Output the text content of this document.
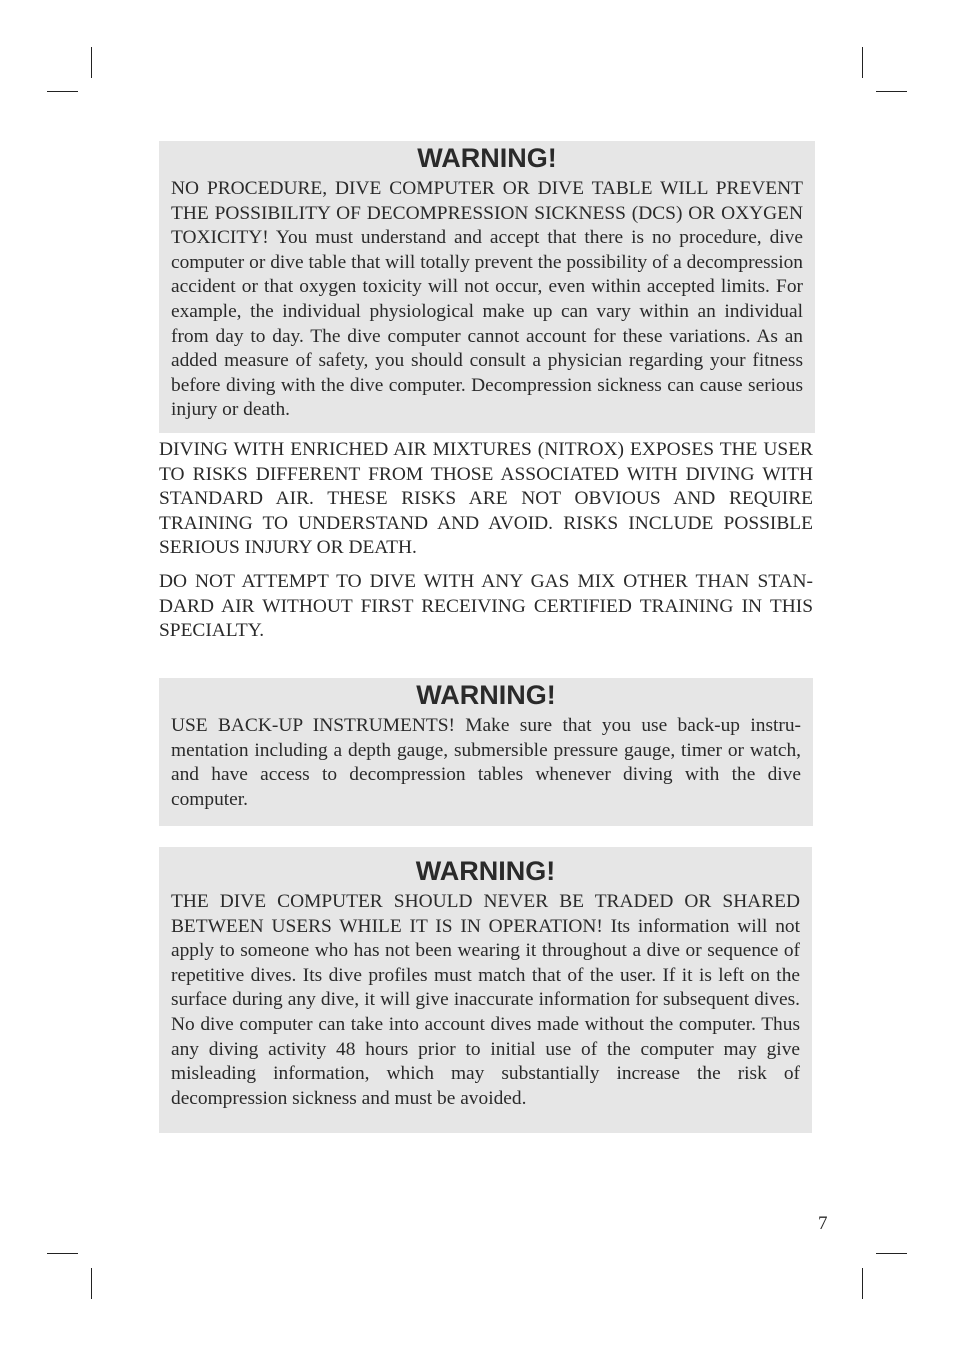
WARNING!
NO PROCEDURE, DIVE COMPUTER OR DIVE TABLE WILL PREVENT THE POSSIBILITY OF DECOMPRESSION SICKNESS (DCS) OR OXYGEN TOXICITY! You must understand and accept that there is no procedure, dive computer or dive table that will totally prevent the possibility of a decompression accident or that oxygen toxicity will not occur, even within accepted limits. For example, the individual physiological make up can vary within an individual from day to day. The dive computer cannot account for these variations. As an added measure of safety, you should consult a physician regarding your fitness before diving with the dive computer. Decompression sickness can cause serious injury or death.
DIVING WITH ENRICHED AIR MIXTURES (NITROX) EXPOSES THE USER TO RISKS DIFFERENT FROM THOSE ASSOCIATED WITH DIVING WITH STANDARD AIR. THESE RISKS ARE NOT OBVIOUS AND REQUIRE TRAINING TO UNDERSTAND AND AVOID. RISKS INCLUDE POSSIBLE SERIOUS INJURY OR DEATH.
DO NOT ATTEMPT TO DIVE WITH ANY GAS MIX OTHER THAN STANDARD AIR WITHOUT FIRST RECEIVING CERTIFIED TRAINING IN THIS SPECIALTY.
WARNING!
USE BACK-UP INSTRUMENTS! Make sure that you use back-up instrumentation including a depth gauge, submersible pressure gauge, timer or watch, and have access to decompression tables whenever diving with the dive computer.
WARNING!
THE DIVE COMPUTER SHOULD NEVER BE TRADED OR SHARED BETWEEN USERS WHILE IT IS IN OPERATION! Its information will not apply to someone who has not been wearing it throughout a dive or sequence of repetitive dives. Its dive profiles must match that of the user. If it is left on the surface during any dive, it will give inaccurate information for subsequent dives. No dive computer can take into account dives made without the computer. Thus any diving activity 48 hours prior to initial use of the computer may give misleading information, which may substantially increase the risk of decompression sickness and must be avoided.
7
